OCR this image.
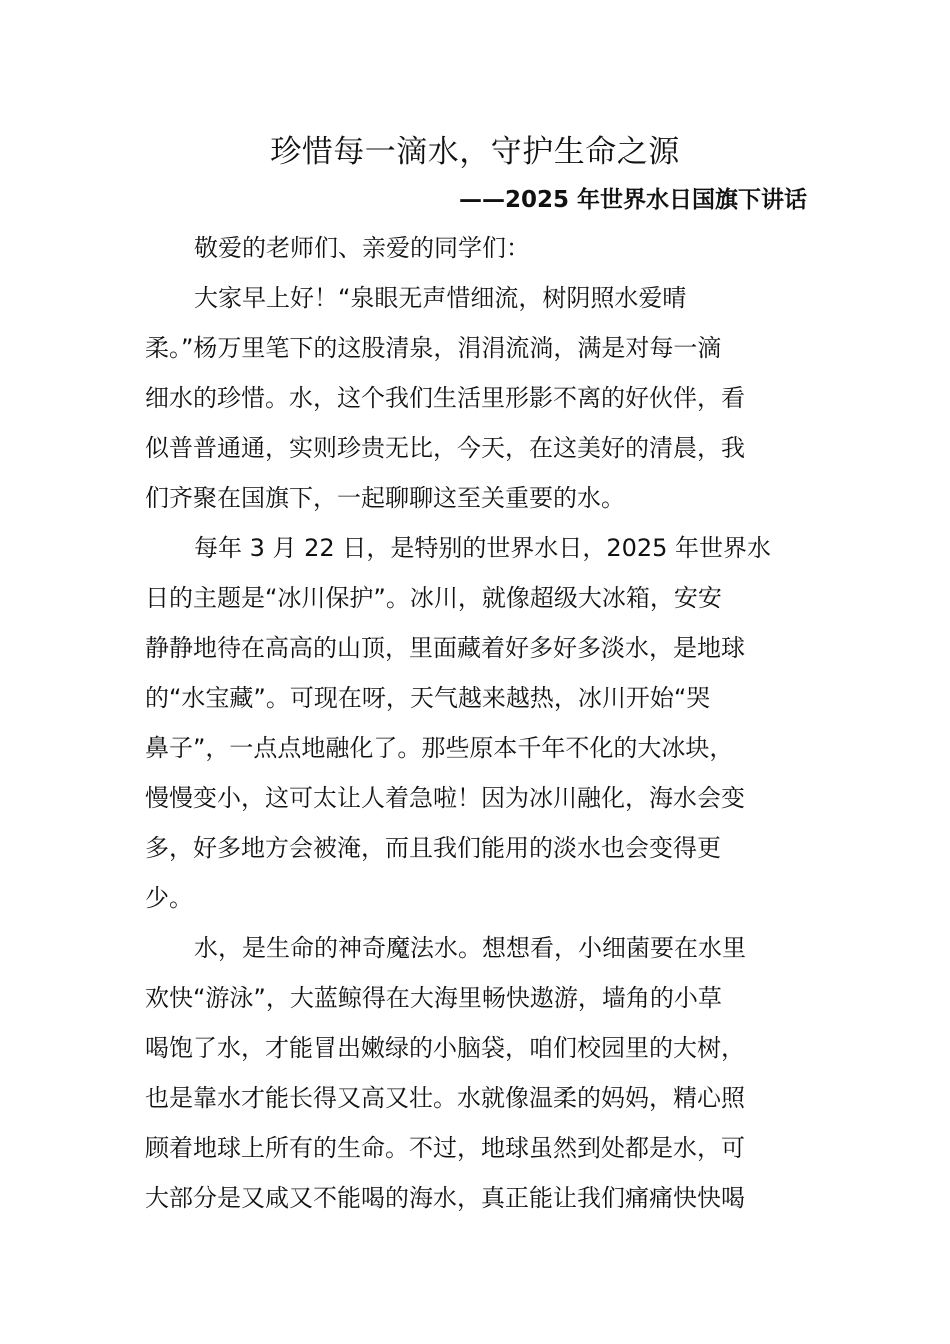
珍惜每一滴水，守护生命之源
——2025 年世界水日国旗下讲话
敬爱的老师们、亲爱的同学们：
大家早上好！“泉眼无声惜细流，树阴照水爱晴
柔。”杨万里笔下的这股清泉，涓涓流淌，满是对每一滴
细水的珍惜。水，这个我们生活里形影不离的好伙伴，看
似普普通通，实则珍贵无比，今天，在这美好的清晨，我
们齐聚在国旗下，一起聊聊这至关重要的水。
每年 3 月 22 日，是特别的世界水日，2025 年世界水
日的主题是“冰川保护”。冰川，就像超级大冰箱，安安
静静地待在高高的山顶，里面藏着好多好多淡水，是地球
的“水宝藏”。可现在呀，天气越来越热，冰川开始“哭
鼻子”，一点点地融化了。那些原本千年不化的大冰块，
慢慢变小，这可太让人着急啦！因为冰川融化，海水会变
多，好多地方会被淹，而且我们能用的淡水也会变得更
少。
水，是生命的神奇魔法水。想想看，小细菌要在水里
欢快“游泳”，大蓝鲸得在大海里畅快遨游，墙角的小草
喝饱了水，才能冒出嫩绿的小脑袋，咱们校园里的大树，
也是靠水才能长得又高又壮。水就像温柔的妈妈，精心照
顾着地球上所有的生命。不过，地球虽然到处都是水，可
大部分是又咸又不能喝的海水，真正能让我们痛痛快快喝
